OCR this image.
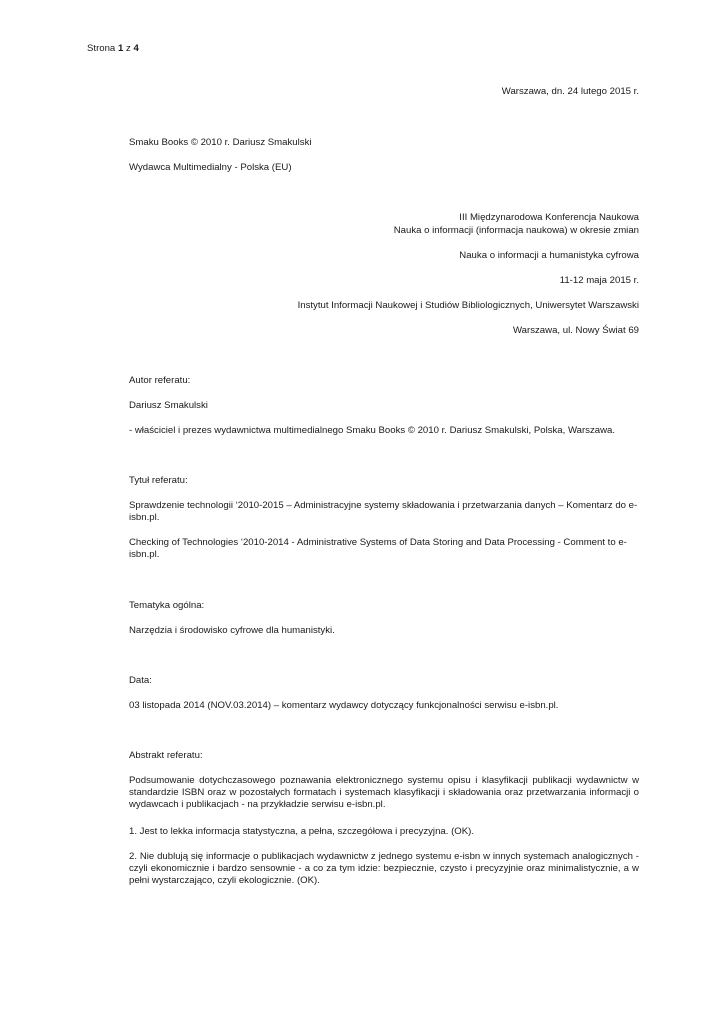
Strona 1 z 4

Warszawa, dn. 24 lutego 2015 r.

Smaku Books © 2010 r. Dariusz Smakulski

Wydawca Multimedialny - Polska (EU)

III Międzynarodowa Konferencja Naukowa

Nauka o informacji (informacja naukowa) w okresie zmian

Nauka o informacji a humanistyka cyfrowa

11-12 maja 2015 r.

Instytut Informacji Naukowej i Studiów Bibliologicznych, Uniwersytet Warszawski

Warszawa, ul. Nowy Świat 69

Autor referatu:

Dariusz Smakulski

- właściciel i prezes wydawnictwa multimedialnego Smaku Books © 2010 r. Dariusz Smakulski, Polska, Warszawa.

Tytuł referatu:

Sprawdzenie technologii ‘2010-2015 – Administracyjne systemy składowania i przetwarzania danych – Komentarz do e-isbn.pl.

Checking of Technologies ‘2010-2014 - Administrative Systems of Data Storing and Data Processing - Comment to e-isbn.pl.

Tematyka ogólna:

Narzędzia i środowisko cyfrowe dla humanistyki.

Data:

03 listopada 2014 (NOV.03.2014) – komentarz wydawcy dotyczący funkcjonalności serwisu e-isbn.pl.

Abstrakt referatu:

Podsumowanie dotychczasowego poznawania elektronicznego systemu opisu i klasyfikacji publikacji wydawnictw w standardzie ISBN oraz w pozostałych formatach i systemach klasyfikacji i składowania oraz przetwarzania informacji o wydawcach i publikacjach - na przykładzie serwisu e-isbn.pl.

1. Jest to lekka informacja statystyczna, a pełna, szczegółowa i precyzyjna. (OK).

2. Nie dublują się informacje o publikacjach wydawnictw z jednego systemu e-isbn w innych systemach analogicznych - czyli ekonomicznie i bardzo sensownie - a co za tym idzie: bezpiecznie, czysto i precyzyjnie oraz minimalistycznie, a w pełni wystarczająco, czyli ekologicznie. (OK).
